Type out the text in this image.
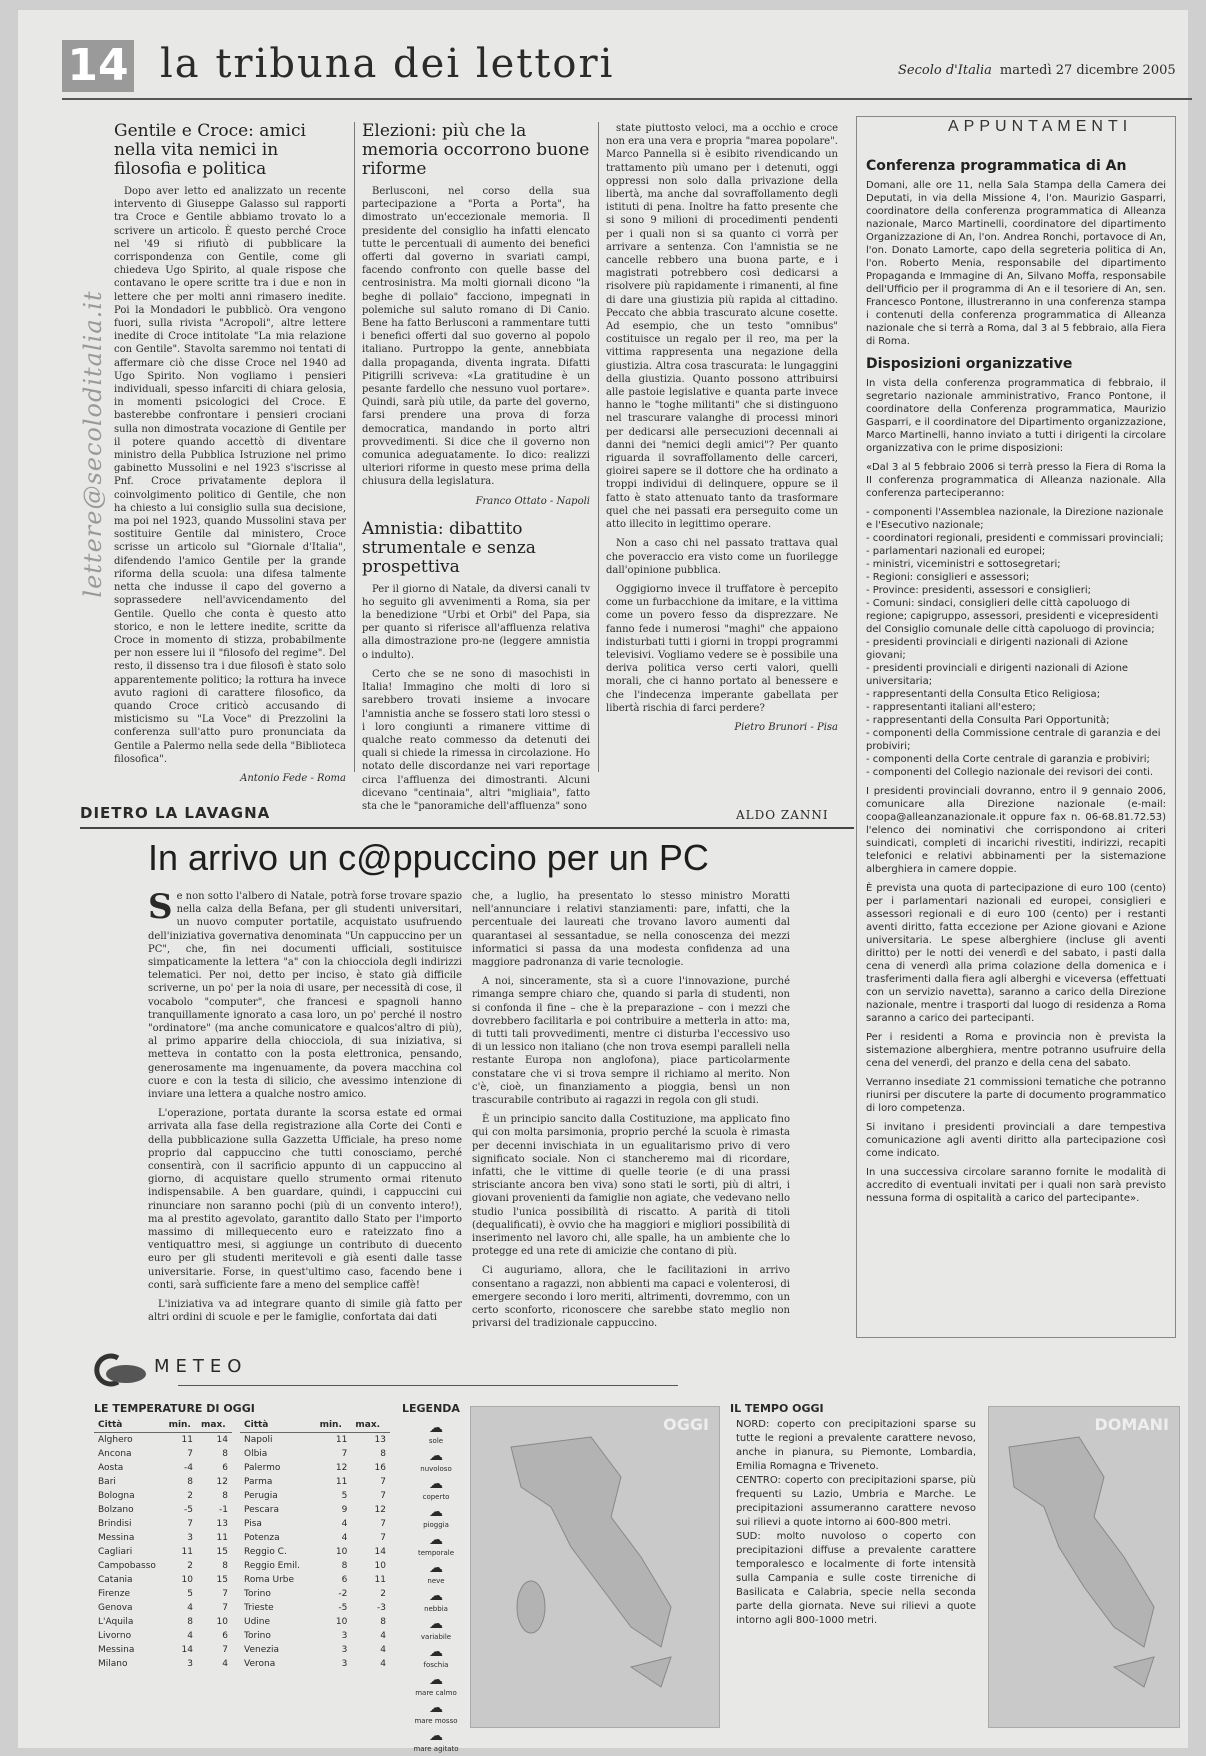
14 la tribuna dei lettori	Secolo d'Italia martedì 27 dicembre 2005
lettere@secoloditalia.it
Gentile e Croce: amici nella vita nemici in filosofia e politica

Dopo aver letto ed analizzato un recente intervento di Giuseppe Galasso sul rapporti tra Croce e Gentile abbiamo trovato lo a scrivere un articolo. È questo perché Croce nel '49 si rifiutò di pubblicare la corrispondenza con Gentile, come gli chiedeva Ugo Spirito, al quale rispose che contavano le opere scritte tra i due e non in lettere che per molti anni rimasero inedite. Poi la Mondadori le pubblicò. Ora vengono fuori, sulla rivista "Acropoli", altre lettere inedite di Croce intitolate "La mia relazione con Gentile". Stavolta saremmo noi tentati di affermare ciò che disse Croce nel 1940 ad Ugo Spirito. Non vogliamo i pensieri individuali, spesso infarciti di chiara gelosia, in momenti psicologici del Croce. E basterebbe confrontare i pensieri crociani sulla non dimostrata vocazione di Gentile per il potere quando accettò di diventare ministro della Pubblica Istruzione nel primo gabinetto Mussolini e nel 1923 s'iscrisse al Pnf. Croce privatamente deplora il coinvolgimento politico di Gentile, che non ha chiesto a lui consiglio sulla sua decisione, ma poi nel 1923, quando Mussolini stava per sostituire Gentile dal ministero, Croce scrisse un articolo sul "Giornale d'Italia", difendendo l'amico Gentile per la grande riforma della scuola: una difesa talmente netta che indusse il capo del governo a soprassedere nell'avvicendamento del Gentile. Quello che conta è questo atto storico, e non le lettere inedite, scritte da Croce in momento di stizza, probabilmente per non essere lui il "filosofo del regime". Del resto, il dissenso tra i due filosofi è stato solo apparentemente politico; la rottura ha invece avuto ragioni di carattere filosofico, da quando Croce criticò accusando di misticismo su "La Voce" di Prezzolini la conferenza sull'atto puro pronunciata da Gentile a Palermo nella sede della "Biblioteca filosofica".

Antonio Fede - Roma
Elezioni: più che la memoria occorrono buone riforme

Berlusconi, nel corso della sua partecipazione a "Porta a Porta", ha dimostrato un'eccezionale memoria. Il presidente del consiglio ha infatti elencato tutte le percentuali di aumento dei benefici offerti dal governo in svariati campi, facendo confronto con quelle basse del centrosinistra. Ma molti giornali dicono "la beghe di pollaio" facciono, impegnati in polemiche sul saluto romano di Di Canio. Bene ha fatto Berlusconi a rammentare tutti i benefici offerti dal suo governo al popolo italiano. Purtroppo la gente, annebbiata dalla propaganda, diventa ingrata. Difatti Pitigrilli scriveva: «La gratitudine è un pesante fardello che nessuno vuol portare». Quindi, sarà più utile, da parte del governo, farsi prendere una prova di forza democratica, mandando in porto altri provvedimenti. Si dice che il governo non comunica adeguatamente. Io dico: realizzi ulteriori riforme in questo mese prima della chiusura della legislatura.

Franco Ottato - Napoli
Amnistia: dibattito strumentale e senza prospettiva

Per il giorno di Natale, da diversi canali tv ho seguito gli avvenimenti a Roma, sia per la benedizione "Urbi et Orbi" del Papa, sia per quanto si riferisce all'affluenza relativa alla dimostrazione pro-ne (leggere amnistia o indulto).

Certo che se ne sono di masochisti in Italia! Immagino che molti di loro si sarebbero trovati insieme a invocare l'amnistia anche se fossero stati loro stessi o i loro congiunti a rimanere vittime di qualche reato commesso da detenuti dei quali si chiede la rimessa in circolazione. Ho notato delle discordanze nei vari reportage circa l'affluenza dei dimostranti. Alcuni dicevano "centinaia", altri "migliaia", fatto sta che le "panoramiche dell'affluenza" sono

state piuttosto veloci, ma a occhio e croce non era una vera e propria "marea popolare". Marco Pannella si è esibito rivendicando un trattamento più umano per i detenuti, oggi oppressi non solo dalla privazione della libertà, ma anche dal sovraffollamento degli istituti di pena. Inoltre ha fatto presente che si sono 9 milioni di procedimenti pendenti per i quali non si sa quanto ci vorrà per arrivare a sentenza. Con l'amnistia se ne cancelle rebbero una buona parte, e i magistrati potrebbero così dedicarsi a risolvere più rapidamente i rimanenti, al fine di dare una giustizia più rapida al cittadino. Peccato che abbia trascurato alcune cosette. Ad esempio, che un testo "omnibus" costituisce un regalo per il reo, ma per la vittima rappresenta una negazione della giustizia. Altra cosa trascurata: le lungaggini della giustizia. Quanto possono attribuirsi alle pastoie legislative e quanta parte invece hanno le "toghe militanti" che si distinguono nel trascurare valanghe di processi minori per dedicarsi alle persecuzioni decennali ai danni dei "nemici degli amici"? Per quanto riguarda il sovraffollamento delle carceri, gioirei sapere se il dottore che ha ordinato a troppi individui di delinquere, oppure se il fatto è stato attenuato tanto da trasformare quel che nei passati era perseguito come un atto illecito in legittimo operare.

Non a caso chi nel passato trattava qual che poveraccio era visto come un fuorilegge dall'opinione pubblica.

Oggigiorno invece il truffatore è percepito come un furbacchione da imitare, e la vittima come un povero fesso da disprezzare. Ne fanno fede i numerosi "maghi" che appaiono indisturbati tutti i giorni in troppi programmi televisivi. Vogliamo vedere se è possibile una deriva politica verso certi valori, quelli morali, che ci hanno portato al benessere e che l'indecenza imperante gabellata per libertà rischia di farci perdere?

Pietro Brunori - Pisa
APPUNTAMENTI
Conferenza programmatica di An

Domani, alle ore 11, nella Sala Stampa della Camera dei Deputati, in via della Missione 4, l'on. Maurizio Gasparri, coordinatore della conferenza programmatica di Alleanza nazionale, Marco Martinelli, coordinatore del dipartimento Organizzazione di An, l'on. Andrea Ronchi, portavoce di An, l'on. Donato Lamorte, capo della segreteria politica di An, l'on. Roberto Menia, responsabile del dipartimento Propaganda e Immagine di An, Silvano Moffa, responsabile dell'Ufficio per il programma di An e il tesoriere di An, sen. Francesco Pontone, illustreranno in una conferenza stampa i contenuti della conferenza programmatica di Alleanza nazionale che si terrà a Roma, dal 3 al 5 febbraio, alla Fiera di Roma.

Disposizioni organizzative

In vista della conferenza programmatica di febbraio, il segretario nazionale amministrativo, Franco Pontone, il coordinatore della Conferenza programmatica, Maurizio Gasparri, e il coordinatore del Dipartimento organizzazione, Marco Martinelli, hanno inviato a tutti i dirigenti la circolare organizzativa con le prime disposizioni:

«Dal 3 al 5 febbraio 2006 si terrà presso la Fiera di Roma la II conferenza programmatica di Alleanza nazionale. Alla conferenza parteciperanno:

- componenti l'Assemblea nazionale, la Direzione nazionale e l'Esecutivo nazionale;
- coordinatori regionali, presidenti e commissari provinciali;
- parlamentari nazionali ed europei;
- ministri, viceministri e sottosegretari;
- Regioni: consiglieri e assessori;
- Province: presidenti, assessori e consiglieri;
- Comuni: sindaci, consiglieri delle città capoluogo di regione; capigruppo, assessori, presidenti e vicepresidenti del Consiglio comunale delle città capoluogo di provincia;
- presidenti provinciali e dirigenti nazionali di Azione giovani;
- presidenti provinciali e dirigenti nazionali di Azione universitaria;
- rappresentanti della Consulta Etico Religiosa;
- rappresentanti italiani all'estero;
- rappresentanti della Consulta Pari Opportunità;
- componenti della Commissione centrale di garanzia e dei probiviri;
- componenti della Corte centrale di garanzia e probiviri;
- componenti del Collegio nazionale dei revisori dei conti.

I presidenti provinciali dovranno, entro il 9 gennaio 2006, comunicare alla Direzione nazionale (e-mail: coopa@alleanzanazionale.it oppure fax n. 06-68.81.72.53) l'elenco dei nominativi che corrispondono ai criteri suindicati, completi di incarichi rivestiti, indirizzi, recapiti telefonici e relativi abbinamenti per la sistemazione alberghiera in camere doppie.

È prevista una quota di partecipazione di euro 100 (cento) per i parlamentari nazionali ed europei, consiglieri e assessori regionali e di euro 100 (cento) per i restanti aventi diritto, fatta eccezione per Azione giovani e Azione universitaria. Le spese alberghiere (incluse gli aventi diritto) per le notti dei venerdì e del sabato, i pasti dalla cena di venerdì alla prima colazione della domenica e i trasferimenti dalla fiera agli alberghi e viceversa (effettuati con un servizio navetta), saranno a carico della Direzione nazionale, mentre i trasporti dal luogo di residenza a Roma saranno a carico dei partecipanti.

Per i residenti a Roma e provincia non è prevista la sistemazione alberghiera, mentre potranno usufruire della cena del venerdì, del pranzo e della cena del sabato.

Verranno insediate 21 commissioni tematiche che potranno riunirsi per discutere la parte di documento programmatico di loro competenza.

Si invitano i presidenti provinciali a dare tempestiva comunicazione agli aventi diritto alla partecipazione così come indicato.

In una successiva circolare saranno fornite le modalità di accredito di eventuali invitati per i quali non sarà previsto nessuna forma di ospitalità a carico del partecipante».

DIETRO LA LAVAGNA	ALDO ZANNI
In arrivo un c@ppuccino per un PC

Se non sotto l'albero di Natale, potrà forse trovare spazio nella calza della Befana, per gli studenti universitari, un nuovo computer portatile, acquistato usufruendo dell'iniziativa governativa denominata "Un cappuccino per un PC", che, fin nei documenti ufficiali, sostituisce simpaticamente la lettera "a" con la chiocciola degli indirizzi telematici. Per noi, detto per inciso, è stato già difficile scriverne, un po' per la noia di usare, per necessità di cose, il vocabolo "computer", che francesi e spagnoli hanno tranquillamente ignorato a casa loro, un po' perché il nostro "ordinatore" (ma anche comunicatore e qualcos'altro di più), al primo apparire della chiocciola, di sua iniziativa, si metteva in contatto con la posta elettronica, pensando, generosamente ma ingenuamente, da povera macchina col cuore e con la testa di silicio, che avessimo intenzione di inviare una lettera a qualche nostro amico.

L'operazione, portata durante la scorsa estate ed ormai arrivata alla fase della registrazione alla Corte dei Conti e della pubblicazione sulla Gazzetta Ufficiale, ha preso nome proprio dal cappuccino che tutti conosciamo, perché consentirà, con il sacrificio appunto di un cappuccino al giorno, di acquistare quello strumento ormai ritenuto indispensabile. A ben guardare, quindi, i cappuccini cui rinunciare non saranno pochi (più di un convento intero!), ma al prestito agevolato, garantito dallo Stato per l'importo massimo di millequecento euro e rateizzato fino a ventiquattro mesi, si aggiunge un contributo di duecento euro per gli studenti meritevoli e già esenti dalle tasse universitarie. Forse, in quest'ultimo caso, facendo bene i conti, sarà sufficiente fare a meno del semplice caffè!

L'iniziativa va ad integrare quanto di simile già fatto per altri ordini di scuole e per le famiglie, confortata dai dati

che, a luglio, ha presentato lo stesso ministro Moratti nell'annunciare i relativi stanziamenti: pare, infatti, che la percentuale dei laureati che trovano lavoro aumenti dal quarantasei al sessantadue, se nella conoscenza dei mezzi informatici si passa da una modesta confidenza ad una maggiore padronanza di varie tecnologie.

A noi, sinceramente, sta sì a cuore l'innovazione, purché rimanga sempre chiaro che, quando si parla di studenti, non si confonda il fine – che è la preparazione – con i mezzi che dovrebbero facilitarla e poi contribuire a metterla in atto: ma, di tutti tali provvedimenti, mentre ci disturba l'eccessivo uso di un lessico non italiano (che non trova esempi paralleli nella restante Europa non anglofona), piace particolarmente constatare che vi si trova sempre il richiamo al merito. Non c'è, cioè, un finanziamento a pioggia, bensì un non trascurabile contributo ai ragazzi in regola con gli studi.

È un principio sancito dalla Costituzione, ma applicato fino qui con molta parsimonia, proprio perché la scuola è rimasta per decenni invischiata in un egualitarismo privo di vero significato sociale. Non ci stancheremo mai di ricordare, infatti, che le vittime di quelle teorie (e di una prassi strisciante ancora ben viva) sono stati le sorti, più di altri, i giovani provenienti da famiglie non agiate, che vedevano nello studio l'unica possibilità di riscatto. A parità di titoli (dequalificati), è ovvio che ha maggiori e migliori possibilità di inserimento nel lavoro chi, alle spalle, ha un ambiente che lo protegge ed una rete di amicizie che contano di più.

Ci auguriamo, allora, che le facilitazioni in arrivo consentano a ragazzi, non abbienti ma capaci e volenterosi, di emergere secondo i loro meriti, altrimenti, dovremmo, con un certo sconforto, riconoscere che sarebbe stato meglio non privarsi del tradizionale cappuccino.

METEO
LE TEMPERATURE DI OGGI
Città	min.	max.
Alghero	11	14
Ancona	7	8
Aosta	-4	6
Bari	8	12
Bologna	2	8
Bolzano	-5	-1
Brindisi	7	13
Messina	3	11
Cagliari	11	15
Campobasso	2	8
Catania	10	15
Firenze	5	7
Genova	4	7
L'Aquila	8	10
Livorno	4	6
Messina	14	7
Milano	3	4
Città	min.	max.
Napoli	11	13
Olbia	7	8
Palermo	12	16
Parma	11	7
Perugia	5	7
Pescara	9	12
Pisa	4	7
Potenza	4	7
Reggio C.	10	14
Reggio Emil.	8	10
Roma Urbe	6	11
Torino	-2	2
Trieste	-5	-3
Udine	10	8
Torino	3	4
Venezia	3	4
Verona	3	4
LEGENDA
☁
sole
☁
nuvoloso
☁
coperto
☁
pioggia
☁
temporale
☁
neve
☁
nebbia
☁
variabile
☁
foschia
☁
mare calmo
☁
mare mosso
☁
mare agitato
OGGI
IL TEMPO OGGI

NORD: coperto con precipitazioni sparse su tutte le regioni a prevalente carattere nevoso, anche in pianura, su Piemonte, Lombardia, Emilia Romagna e Triveneto.

CENTRO: coperto con precipitazioni sparse, più frequenti su Lazio, Umbria e Marche. Le precipitazioni assumeranno carattere nevoso sui rilievi a quote intorno ai 600-800 metri.

SUD: molto nuvoloso o coperto con precipitazioni diffuse a prevalente carattere temporalesco e localmente di forte intensità sulla Campania e sulle coste tirreniche di Basilicata e Calabria, specie nella seconda parte della giornata. Neve sui rilievi a quote intorno agli 800-1000 metri.

DOMANI
